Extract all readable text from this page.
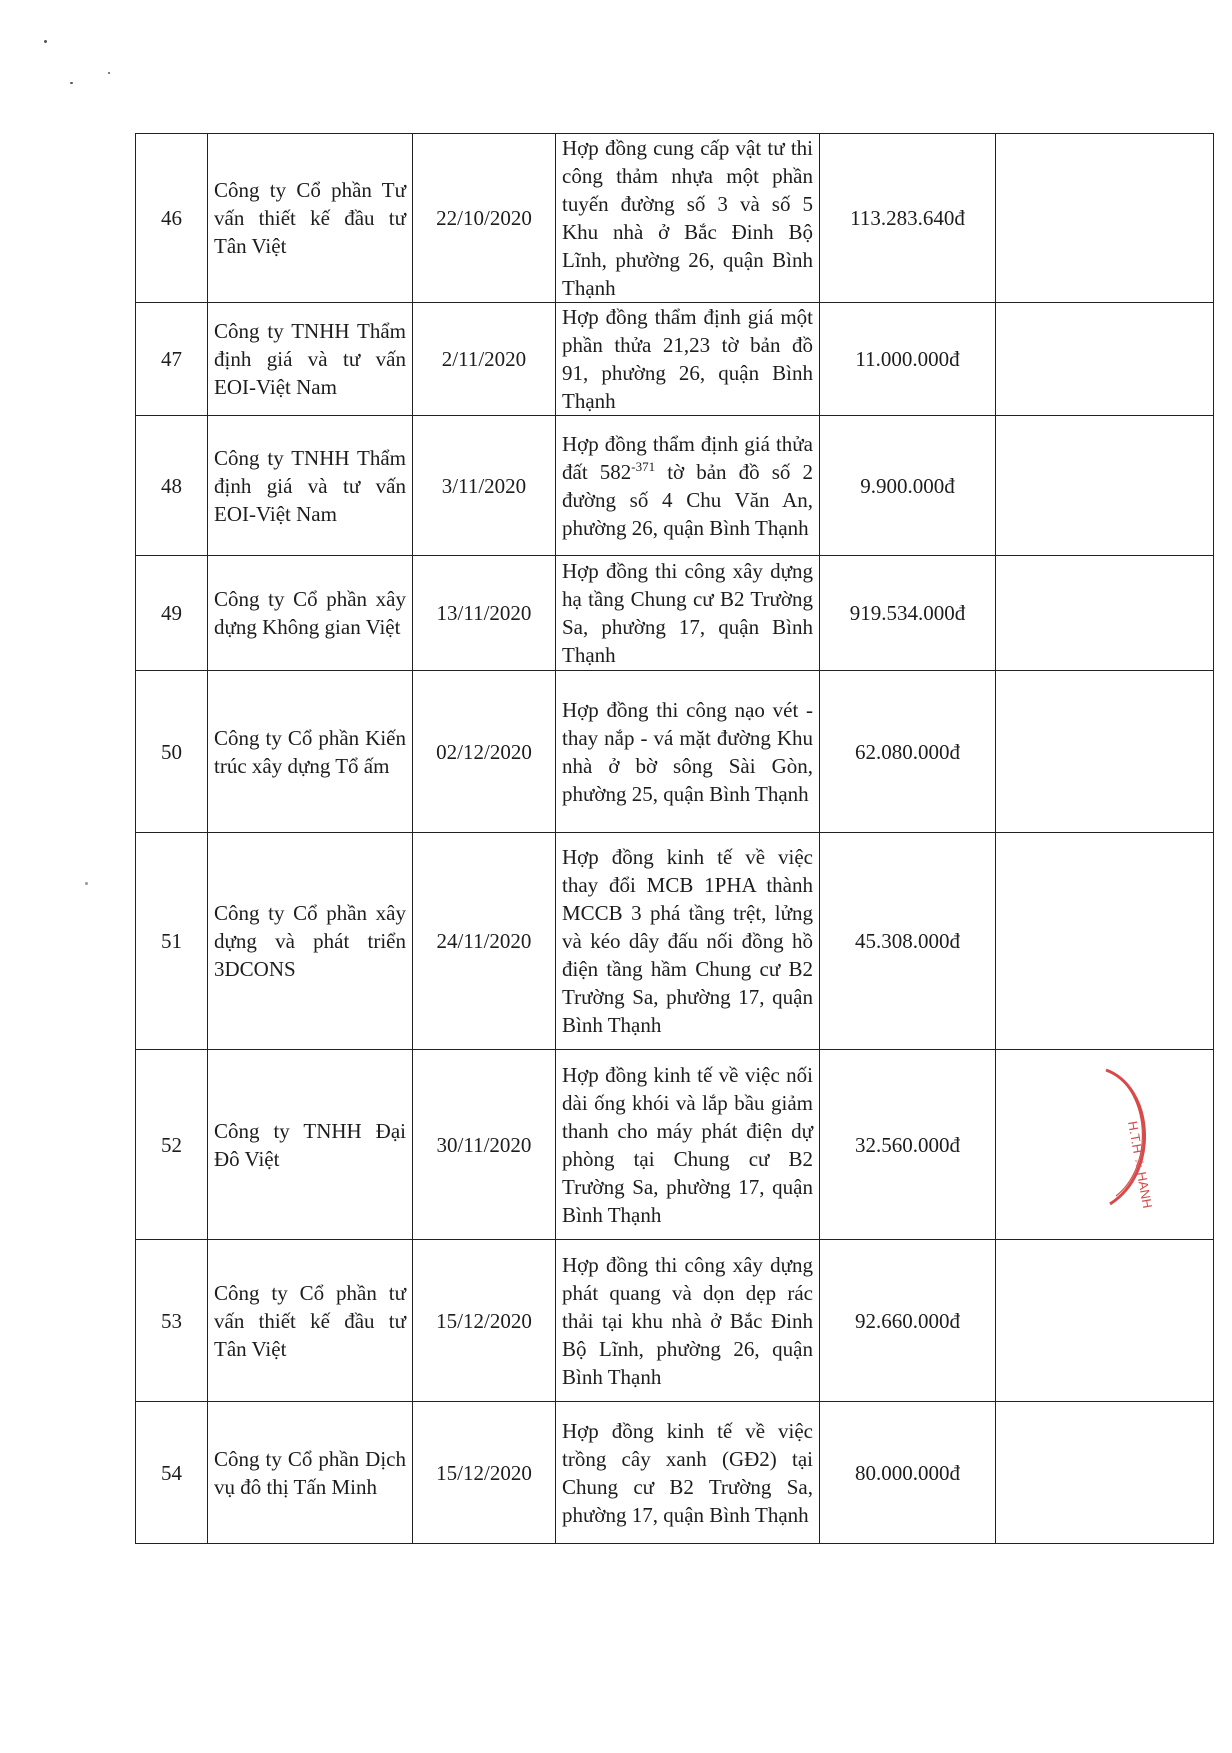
46	Công ty Cổ phần Tư vấn thiết kế đầu tư Tân Việt	22/10/2020	Hợp đồng cung cấp vật tư thi công thảm nhựa một phần tuyến đường số 3 và số 5 Khu nhà ở Bắc Đinh Bộ Lĩnh, phường 26, quận Bình Thạnh	113.283.640đ	
47	Công ty TNHH Thẩm định giá và tư vấn EOI-Việt Nam	2/11/2020	Hợp đồng thẩm định giá một phần thửa 21,23 tờ bản đồ 91, phường 26, quận Bình Thạnh	11.000.000đ	
48	Công ty TNHH Thẩm định giá và tư vấn EOI-Việt Nam	3/11/2020	Hợp đồng thẩm định giá thửa đất $582^{-371}$ tờ bản đồ số 2 đường số 4 Chu Văn An, phường 26, quận Bình Thạnh	9.900.000đ	
49	Công ty Cổ phần xây dựng Không gian Việt	13/11/2020	Hợp đồng thi công xây dựng hạ tầng Chung cư B2 Trường Sa, phường 17, quận Bình Thạnh	919.534.000đ	
50	Công ty Cổ phần Kiến trúc xây dựng Tổ ấm	02/12/2020	Hợp đồng thi công nạo vét - thay nắp - vá mặt đường Khu nhà ở bờ sông Sài Gòn, phường 25, quận Bình Thạnh	62.080.000đ	
51	Công ty Cổ phần xây dựng và phát triển 3DCONS	24/11/2020	Hợp đồng kinh tế về việc thay đổi MCB 1PHA thành MCCB 3 phá tầng trệt, lửng và kéo dây đấu nối đồng hồ điện tầng hầm Chung cư B2 Trường Sa, phường 17, quận Bình Thạnh	45.308.000đ	
52	Công ty TNHH Đại Đô Việt	30/11/2020	Hợp đồng kinh tế về việc nối dài ống khói và lắp bầu giảm thanh cho máy phát điện dự phòng tại Chung cư B2 Trường Sa, phường 17, quận Bình Thạnh	32.560.000đ	
53	Công ty Cổ phần tư vấn thiết kế đầu tư Tân Việt	15/12/2020	Hợp đồng thi công xây dựng phát quang và dọn dẹp rác thải tại khu nhà ở Bắc Đinh Bộ Lĩnh, phường 26, quận Bình Thạnh	92.660.000đ	
54	Công ty Cổ phần Dịch vụ đô thị Tấn Minh	15/12/2020	Hợp đồng kinh tế về việc trồng cây xanh (GĐ2) tại Chung cư B2 Trường Sa, phường 17, quận Bình Thạnh	80.000.000đ	
H.T.H ☆ HANH
